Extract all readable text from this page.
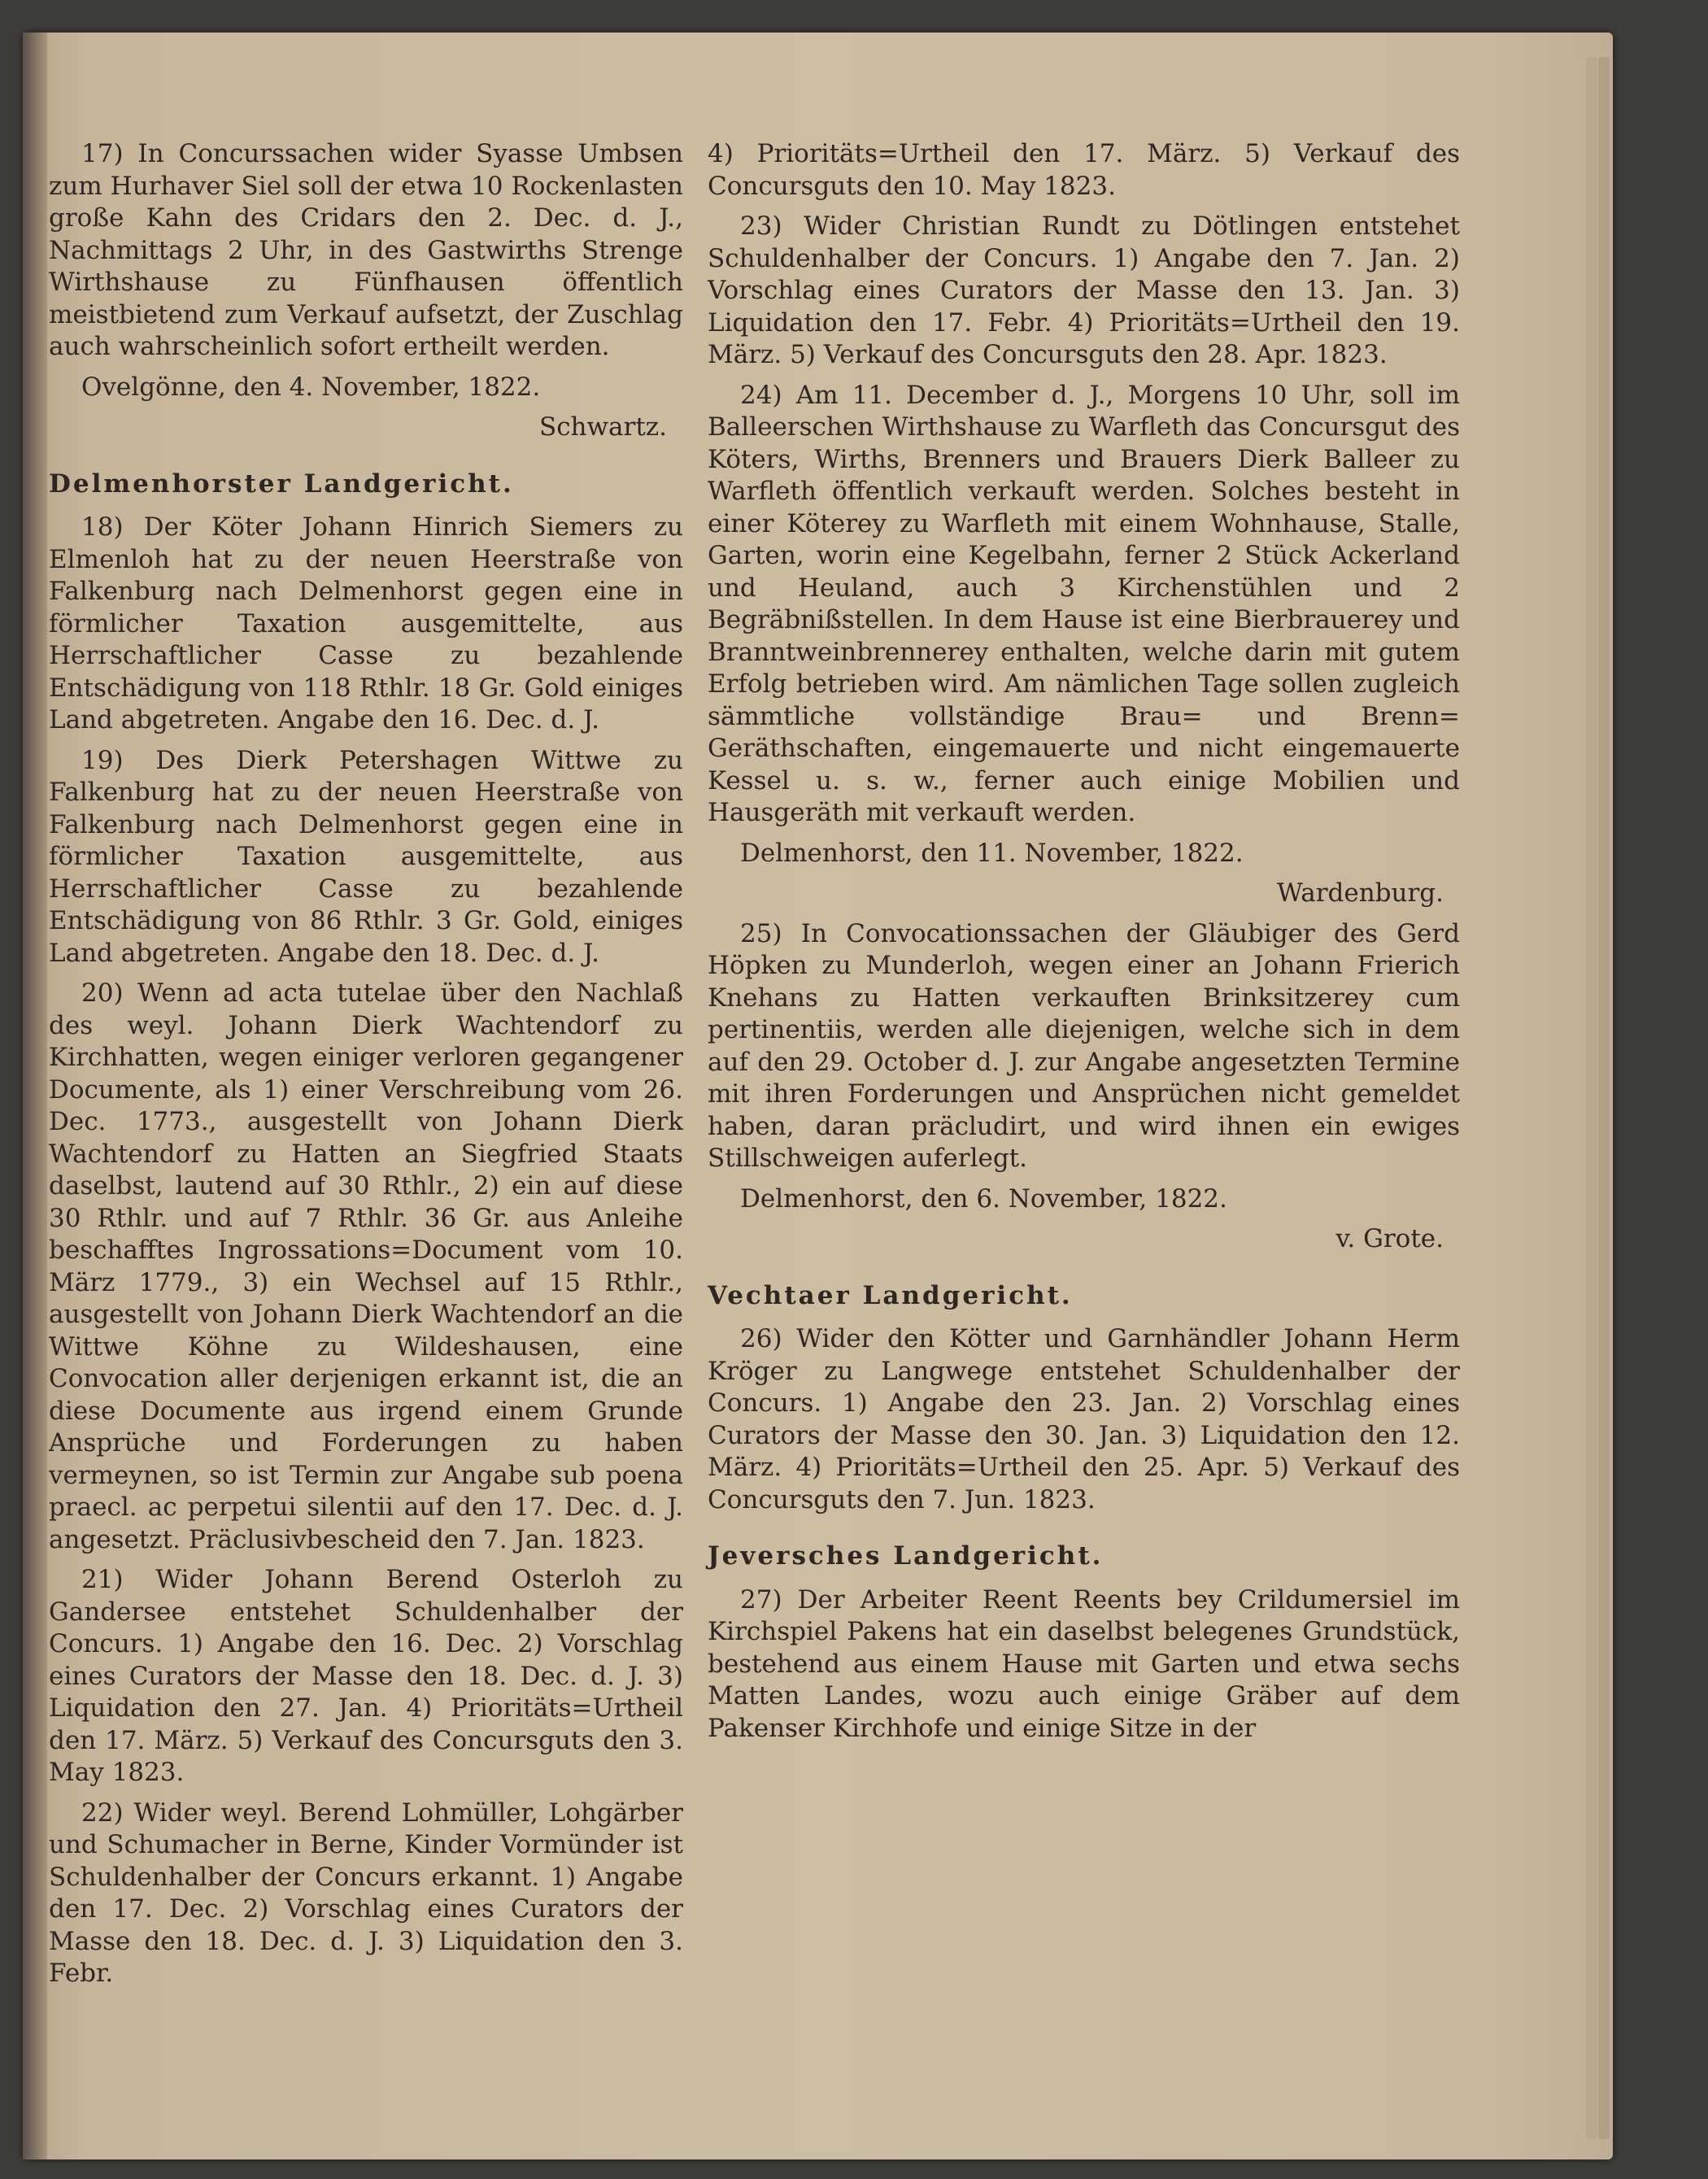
17) In Concurssachen wider Syasse Umbsen zum Hurhaver Siel soll der etwa 10 Rockenlasten große Kahn des Cridars den 2. Dec. d. J., Nachmittags 2 Uhr, in des Gastwirths Strenge Wirthshause zu Fünfhausen öffentlich meistbietend zum Verkauf aufsetzt, der Zuschlag auch wahrscheinlich sofort ertheilt werden.

Ovelgönne, den 4. November, 1822.

Schwartz.

Delmenhorster Landgericht.

18) Der Köter Johann Hinrich Siemers zu Elmenloh hat zu der neuen Heerstraße von Falkenburg nach Delmenhorst gegen eine in förmlicher Taxation ausgemittelte, aus Herrschaftlicher Casse zu bezahlende Entschädigung von 118 Rthlr. 18 Gr. Gold einiges Land abgetreten. Angabe den 16. Dec. d. J.

19) Des Dierk Petershagen Wittwe zu Falkenburg hat zu der neuen Heerstraße von Falkenburg nach Delmenhorst gegen eine in förmlicher Taxation ausgemittelte, aus Herrschaftlicher Casse zu bezahlende Entschädigung von 86 Rthlr. 3 Gr. Gold, einiges Land abgetreten. Angabe den 18. Dec. d. J.

20) Wenn ad acta tutelae über den Nachlaß des weyl. Johann Dierk Wachtendorf zu Kirchhatten, wegen einiger verloren gegangener Documente, als 1) einer Verschreibung vom 26. Dec. 1773., ausgestellt von Johann Dierk Wachtendorf zu Hatten an Siegfried Staats daselbst, lautend auf 30 Rthlr., 2) ein auf diese 30 Rthlr. und auf 7 Rthlr. 36 Gr. aus Anleihe beschafftes Ingrossations=Document vom 10. März 1779., 3) ein Wechsel auf 15 Rthlr., ausgestellt von Johann Dierk Wachtendorf an die Wittwe Köhne zu Wildeshausen, eine Convocation aller derjenigen erkannt ist, die an diese Documente aus irgend einem Grunde Ansprüche und Forderungen zu haben vermeynen, so ist Termin zur Angabe sub poena praecl. ac perpetui silentii auf den 17. Dec. d. J. angesetzt. Präclusivbescheid den 7. Jan. 1823.

21) Wider Johann Berend Osterloh zu Gandersee entstehet Schuldenhalber der Concurs. 1) Angabe den 16. Dec. 2) Vorschlag eines Curators der Masse den 18. Dec. d. J. 3) Liquidation den 27. Jan. 4) Prioritäts=Urtheil den 17. März. 5) Verkauf des Concursguts den 3. May 1823.

22) Wider weyl. Berend Lohmüller, Lohgärber und Schumacher in Berne, Kinder Vormünder ist Schuldenhalber der Concurs erkannt. 1) Angabe den 17. Dec. 2) Vorschlag eines Curators der Masse den 18. Dec. d. J. 3) Liquidation den 3. Febr.

4) Prioritäts=Urtheil den 17. März. 5) Verkauf des Concursguts den 10. May 1823.

23) Wider Christian Rundt zu Dötlingen entstehet Schuldenhalber der Concurs. 1) Angabe den 7. Jan. 2) Vorschlag eines Curators der Masse den 13. Jan. 3) Liquidation den 17. Febr. 4) Prioritäts=Urtheil den 19. März. 5) Verkauf des Concursguts den 28. Apr. 1823.

24) Am 11. December d. J., Morgens 10 Uhr, soll im Balleerschen Wirthshause zu Warfleth das Concursgut des Köters, Wirths, Brenners und Brauers Dierk Balleer zu Warfleth öffentlich verkauft werden. Solches besteht in einer Köterey zu Warfleth mit einem Wohnhause, Stalle, Garten, worin eine Kegelbahn, ferner 2 Stück Ackerland und Heuland, auch 3 Kirchenstühlen und 2 Begräbnißstellen. In dem Hause ist eine Bierbrauerey und Branntweinbrennerey enthalten, welche darin mit gutem Erfolg betrieben wird. Am nämlichen Tage sollen zugleich sämmtliche vollständige Brau= und Brenn= Geräthschaften, eingemauerte und nicht eingemauerte Kessel u. s. w., ferner auch einige Mobilien und Hausgeräth mit verkauft werden.

Delmenhorst, den 11. November, 1822.

Wardenburg.

25) In Convocationssachen der Gläubiger des Gerd Höpken zu Munderloh, wegen einer an Johann Frierich Knehans zu Hatten verkauften Brinksitzerey cum pertinentiis, werden alle diejenigen, welche sich in dem auf den 29. October d. J. zur Angabe angesetzten Termine mit ihren Forderungen und Ansprüchen nicht gemeldet haben, daran präcludirt, und wird ihnen ein ewiges Stillschweigen auferlegt.

Delmenhorst, den 6. November, 1822.

v. Grote.

Vechtaer Landgericht.

26) Wider den Kötter und Garnhändler Johann Herm Kröger zu Langwege entstehet Schuldenhalber der Concurs. 1) Angabe den 23. Jan. 2) Vorschlag eines Curators der Masse den 30. Jan. 3) Liquidation den 12. März. 4) Prioritäts=Urtheil den 25. Apr. 5) Verkauf des Concursguts den 7. Jun. 1823.

Jeversches Landgericht.

27) Der Arbeiter Reent Reents bey Crildumersiel im Kirchspiel Pakens hat ein daselbst belegenes Grundstück, bestehend aus einem Hause mit Garten und etwa sechs Matten Landes, wozu auch einige Gräber auf dem Pakenser Kirchhofe und einige Sitze in der
